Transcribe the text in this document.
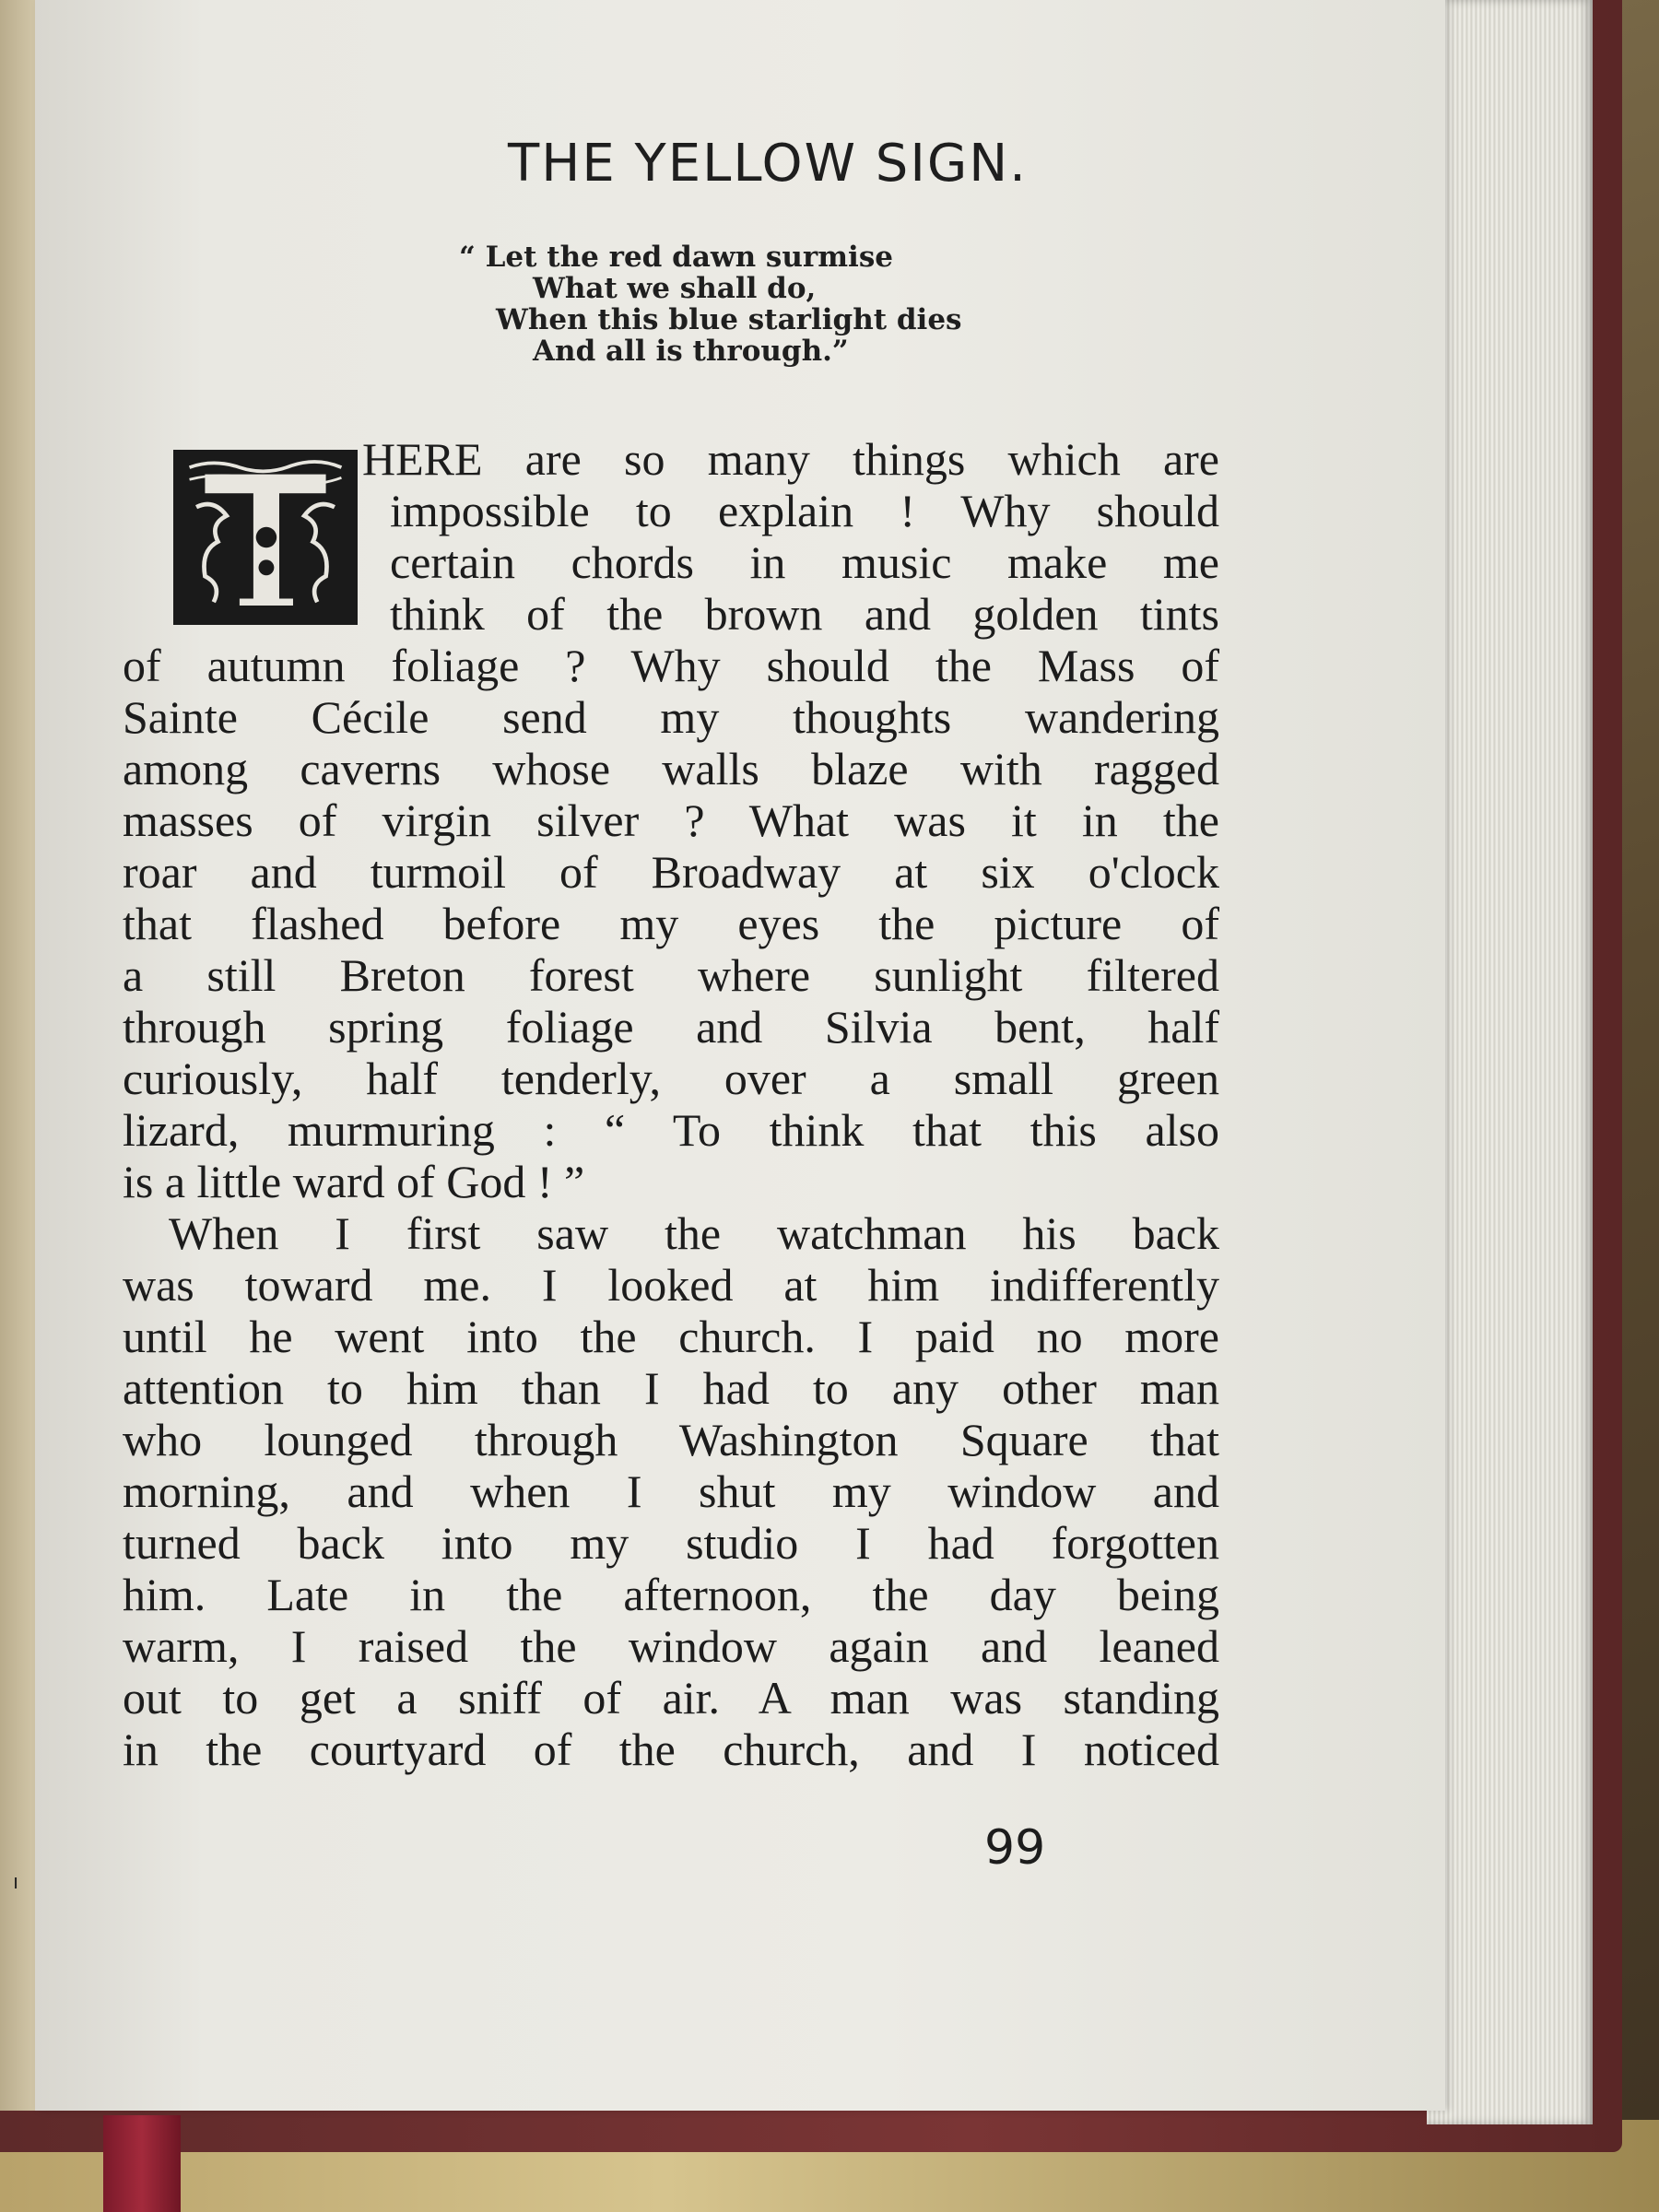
THE YELLOW SIGN.
“ Let the red dawn surmise
What we shall do,
When this blue starlight dies
And all is through.”
HERE are so many things which are
impossible to explain ! Why should
certain chords in music make me
think of the brown and golden tints
of autumn foliage ? Why should the Mass of
Sainte Cécile send my thoughts wandering
among caverns whose walls blaze with ragged
masses of virgin silver ? What was it in the
roar and turmoil of Broadway at six o'clock
that flashed before my eyes the picture of
a still Breton forest where sunlight filtered
through spring foliage and Silvia bent, half
curiously, half tenderly, over a small green
lizard, murmuring : “ To think that this also
is a little ward of God ! ”
When I first saw the watchman his back
was toward me. I looked at him indifferently
until he went into the church. I paid no more
attention to him than I had to any other man
who lounged through Washington Square that
morning, and when I shut my window and
turned back into my studio I had forgotten
him. Late in the afternoon, the day being
warm, I raised the window again and leaned
out to get a sniff of air. A man was standing
in the courtyard of the church, and I noticed
99
ı
